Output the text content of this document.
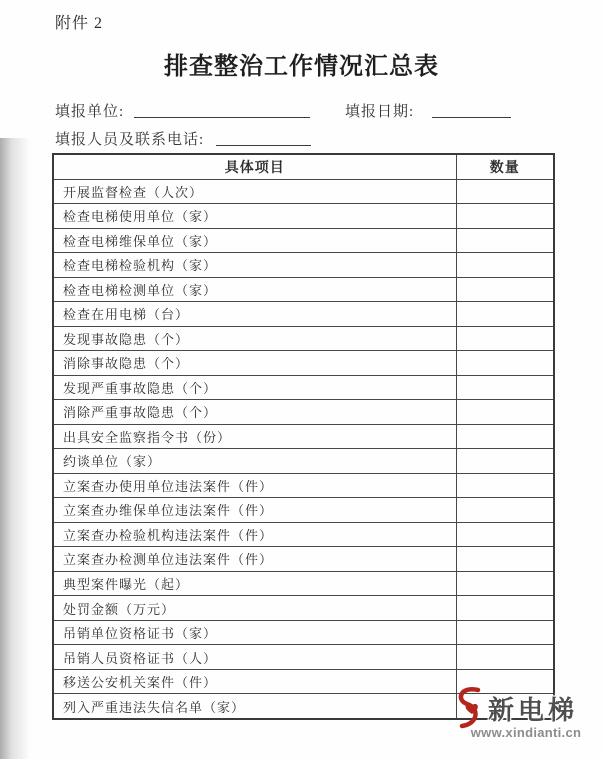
附件 2
排查整治工作情况汇总表
填报单位:	填报日期:
填报人员及联系电话:
具体项目	数量
开展监督检查（人次）	
检查电梯使用单位（家）	
检查电梯维保单位（家）	
检查电梯检验机构（家）	
检查电梯检测单位（家）	
检查在用电梯（台）	
发现事故隐患（个）	
消除事故隐患（个）	
发现严重事故隐患（个）	
消除严重事故隐患（个）	
出具安全监察指令书（份）	
约谈单位（家）	
立案查办使用单位违法案件（件）	
立案查办维保单位违法案件（件）	
立案查办检验机构违法案件（件）	
立案查办检测单位违法案件（件）	
典型案件曝光（起）	
处罚金额（万元）	
吊销单位资格证书（家）	
吊销人员资格证书（人）	
移送公安机关案件（件）	
列入严重违法失信名单（家）		新电梯
www.xindianti.cn
